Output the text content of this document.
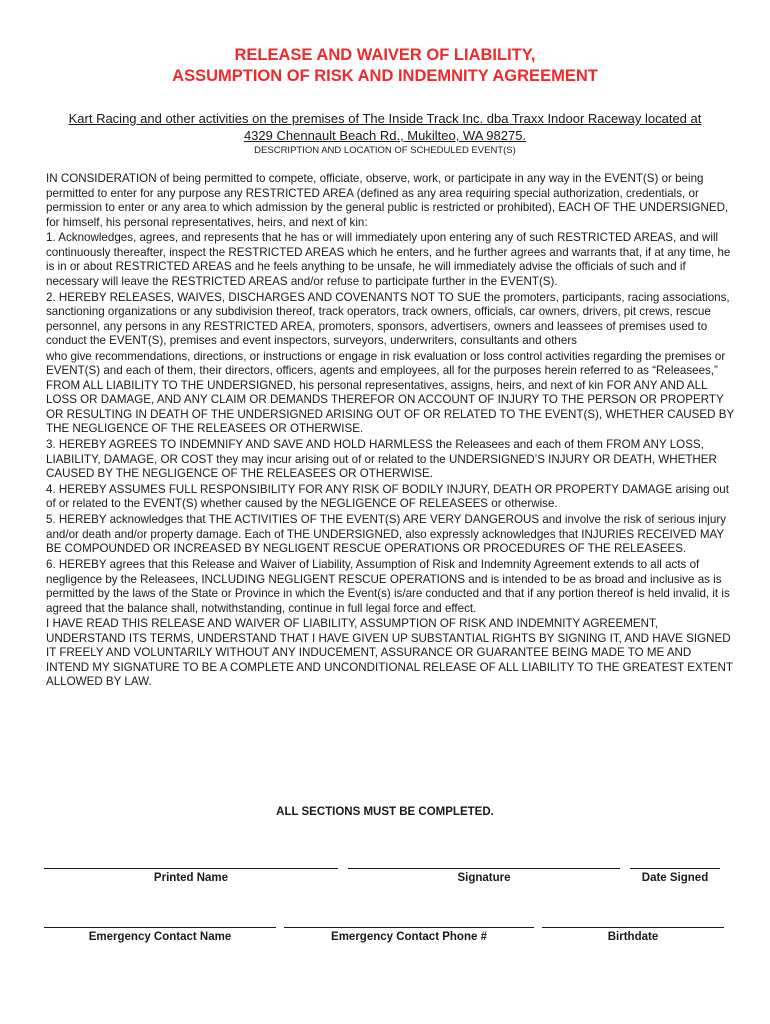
RELEASE AND WAIVER OF LIABILITY,
ASSUMPTION OF RISK AND INDEMNITY AGREEMENT
Kart Racing and other activities on the premises of The Inside Track Inc. dba Traxx Indoor Raceway located at
4329 Chennault Beach Rd., Mukilteo, WA 98275.
DESCRIPTION AND LOCATION OF SCHEDULED EVENT(S)

IN CONSIDERATION of being permitted to compete, officiate, observe, work, or participate in any way in the EVENT(S) or being permitted to enter for any purpose any RESTRICTED AREA (defined as any area requiring special authorization, credentials, or permission to enter or any area to which admission by the general public is restricted or prohibited), EACH OF THE UNDERSIGNED, for himself, his personal representatives, heirs, and next of kin:

1. Acknowledges, agrees, and represents that he has or will immediately upon entering any of such RESTRICTED AREAS, and will continuously thereafter, inspect the RESTRICTED AREAS which he enters, and he further agrees and warrants that, if at any time, he is in or about RESTRICTED AREAS and he feels anything to be unsafe, he will immediately advise the officials of such and if necessary will leave the RESTRICTED AREAS and/or refuse to participate further in the EVENT(S).

2. HEREBY RELEASES, WAIVES, DISCHARGES AND COVENANTS NOT TO SUE the promoters, participants, racing associations, sanctioning organizations or any subdivision thereof, track operators, track owners, officials, car owners, drivers, pit crews, rescue personnel, any persons in any RESTRICTED AREA, promoters, sponsors, advertisers, owners and leassees of premises used to conduct the EVENT(S), premises and event inspectors, surveyors, underwriters, consultants and others

who give recommendations, directions, or instructions or engage in risk evaluation or loss control activities regarding the premises or EVENT(S) and each of them, their directors, officers, agents and employees, all for the purposes herein referred to as “Releasees,” FROM ALL LIABILITY TO THE UNDERSIGNED, his personal representatives, assigns, heirs, and next of kin FOR ANY AND ALL LOSS OR DAMAGE, AND ANY CLAIM OR DEMANDS THEREFOR ON ACCOUNT OF INJURY TO THE PERSON OR PROPERTY OR RESULTING IN DEATH OF THE UNDERSIGNED ARISING OUT OF OR RELATED TO THE EVENT(S), WHETHER CAUSED BY THE NEGLIGENCE OF THE RELEASEES OR OTHERWISE.

3. HEREBY AGREES TO INDEMNIFY AND SAVE AND HOLD HARMLESS the Releasees and each of them FROM ANY LOSS, LIABILITY, DAMAGE, OR COST they may incur arising out of or related to the UNDERSIGNED’S INJURY OR DEATH, WHETHER CAUSED BY THE NEGLIGENCE OF THE RELEASEES OR OTHERWISE.

4. HEREBY ASSUMES FULL RESPONSIBILITY FOR ANY RISK OF BODILY INJURY, DEATH OR PROPERTY DAMAGE arising out of or related to the EVENT(S) whether caused by the NEGLIGENCE OF RELEASEES or otherwise.

5. HEREBY acknowledges that THE ACTIVITIES OF THE EVENT(S) ARE VERY DANGEROUS and involve the risk of serious injury and/or death and/or property damage. Each of THE UNDERSIGNED, also expressly acknowledges that INJURIES RECEIVED MAY BE COMPOUNDED OR INCREASED BY NEGLIGENT RESCUE OPERATIONS OR PROCEDURES OF THE RELEASEES.

6. HEREBY agrees that this Release and Waiver of Liability, Assumption of Risk and Indemnity Agreement extends to all acts of negligence by the Releasees, INCLUDING NEGLIGENT RESCUE OPERATIONS and is intended to be as broad and inclusive as is permitted by the laws of the State or Province in which the Event(s) is/are conducted and that if any portion thereof is held invalid, it is agreed that the balance shall, notwithstanding, continue in full legal force and effect.

I HAVE READ THIS RELEASE AND WAIVER OF LIABILITY, ASSUMPTION OF RISK AND INDEMNITY AGREEMENT, UNDERSTAND ITS TERMS, UNDERSTAND THAT I HAVE GIVEN UP SUBSTANTIAL RIGHTS BY SIGNING IT, AND HAVE SIGNED IT FREELY AND VOLUNTARILY WITHOUT ANY INDUCEMENT, ASSURANCE OR GUARANTEE BEING MADE TO ME AND INTEND MY SIGNATURE TO BE A COMPLETE AND UNCONDITIONAL RELEASE OF ALL LIABILITY TO THE GREATEST EXTENT ALLOWED BY LAW.

ALL SECTIONS MUST BE COMPLETED.
Printed Name	Signature	Date Signed
Emergency Contact Name	Emergency Contact Phone #	Birthdate
